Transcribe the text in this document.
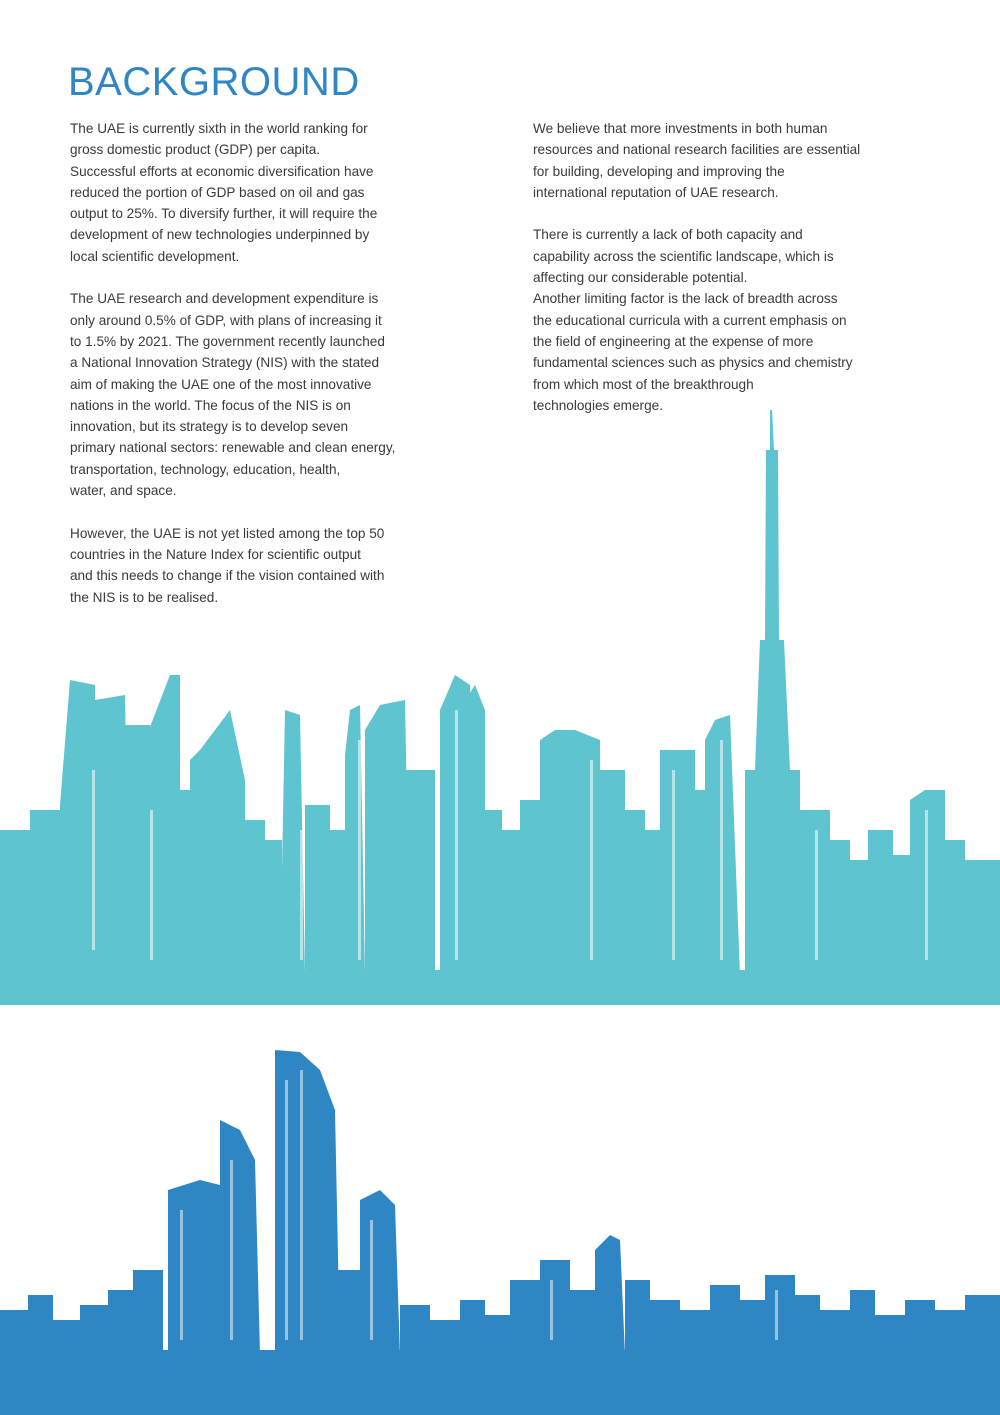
BACKGROUND

The UAE is currently sixth in the world ranking for
gross domestic product (GDP) per capita.
Successful efforts at economic diversification have
reduced the portion of GDP based on oil and gas
output to 25%. To diversify further, it will require the
development of new technologies underpinned by
local scientific development.

The UAE research and development expenditure is
only around 0.5% of GDP, with plans of increasing it
to 1.5% by 2021. The government recently launched
a National Innovation Strategy (NIS) with the stated
aim of making the UAE one of the most innovative
nations in the world. The focus of the NIS is on
innovation, but its strategy is to develop seven
primary national sectors: renewable and clean energy,
transportation, technology, education, health,
water, and space.

However, the UAE is not yet listed among the top 50
countries in the Nature Index for scientific output
and this needs to change if the vision contained with
the NIS is to be realised.

We believe that more investments in both human
resources and national research facilities are essential
for building, developing and improving the
international reputation of UAE research.

There is currently a lack of both capacity and
capability across the scientific landscape, which is
affecting our considerable potential.

Another limiting factor is the lack of breadth across
the educational curricula with a current emphasis on
the field of engineering at the expense of more
fundamental sciences such as physics and chemistry
from which most of the breakthrough
technologies emerge.
